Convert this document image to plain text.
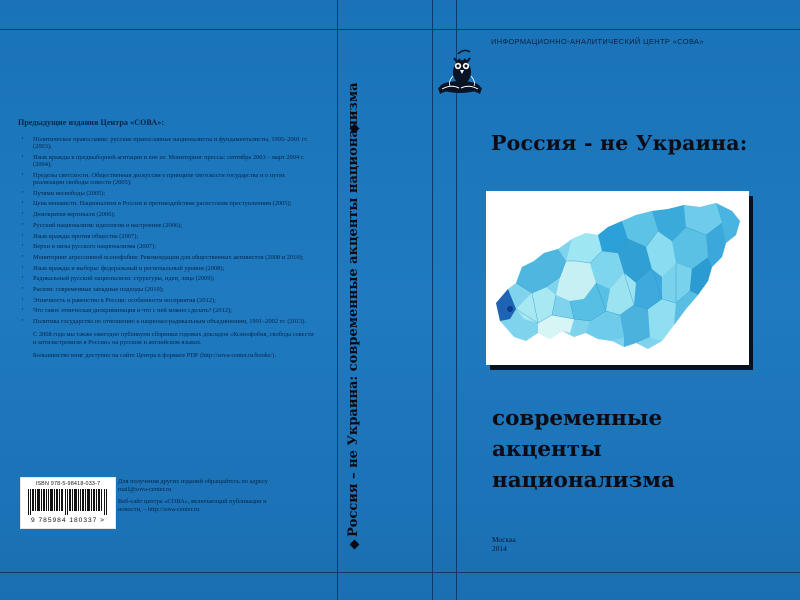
Предыдущие издания Центра «СОВА»:
· Политическое православие: русские православные националисты и фундаменталисты, 1995–2001 гг. (2003);
· Язык вражды в предвыборной агитации и вне ее. Мониторинг прессы: сентябрь 2003 – март 2004 г. (2004);
· Пределы светскости. Общественная дискуссия о принципе светскости государства и о путях реализации свободы совести (2005);
· Путями несвободы (2005);
· Цена ненависти. Национализм в России и противодействие расистским преступлениям (2005);
· Демократия вертикали (2006);
· Русский национализм: идеология и настроение (2006);
· Язык вражды против общества (2007);
· Верхи и низы русского национализма (2007);
· Мониторинг агрессивной ксенофобии: Рекомендации для общественных активистов (2008 и 2010);
· Язык вражды и выборы: федеральный и региональный уровни (2008);
· Радикальный русский национализм: структуры, идеи, лица (2009);
· Расизм: современные западные подходы (2010);
· Этничность и равенство в России: особенности восприятия (2012);
· Что такое этническая дискриминация и что с ней можно сделать? (2012);
· Политика государства по отношению к национал-радикальным объединениям, 1991–2002 гг. (2013).
С 2008 года мы также ежегодно публикуем сборники годовых докладов «Ксенофобия, свобода совести и антиэкстремизм в России» на русском и английском языках.
Большинство книг доступно на сайте Центра в формате PDF (http://sova-center.ru/books/).
ISBN 978-5-98418-033-7
9 785984 180337 >

Для получения других изданий обращайтесь по адресу mail@sova-center.ru

Веб-сайт центра «СОВА», включающий публикации и новости, – http://sova-center.ru	Россия – не Украина: современные акценты национализма
ИНФОРМАЦИОННО-АНАЛИТИЧЕСКИЙ ЦЕНТР «СОВА»
Россия - не Украина:
современные
акценты
национализма
Москва
2014
